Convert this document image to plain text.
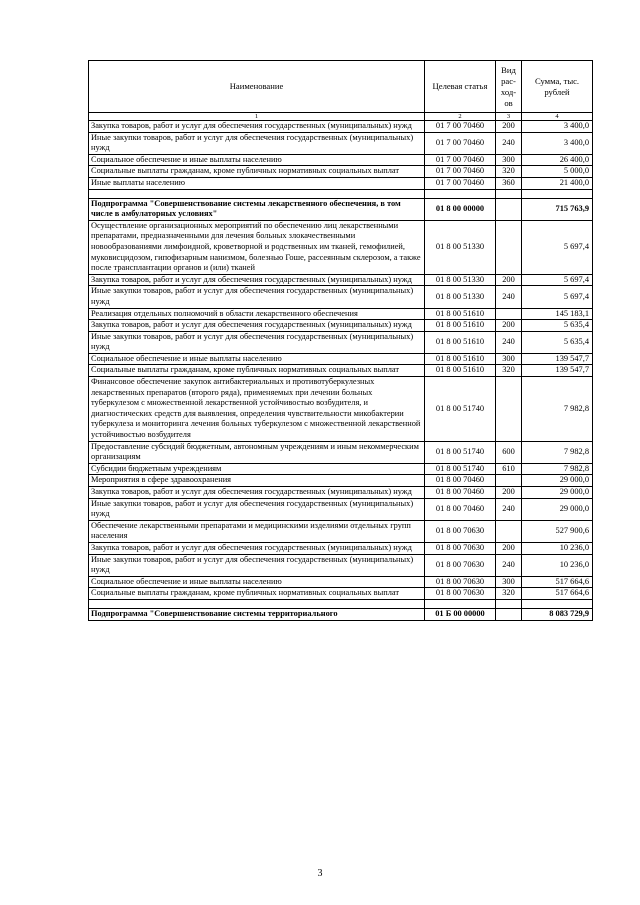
Наименование	Целевая статья	Вид рас-ход-ов	Сумма, тыс. рублей
1	2	3	4
Закупка товаров, работ и услуг для обеспечения государственных (муниципальных) нужд	01 7 00 70460	200	3 400,0
Иные закупки товаров, работ и услуг для обеспечения государственных (муниципальных) нужд	01 7 00 70460	240	3 400,0
Социальное обеспечение и иные выплаты населению	01 7 00 70460	300	26 400,0
Социальные выплаты гражданам, кроме публичных нормативных социальных выплат	01 7 00 70460	320	5 000,0
Иные выплаты населению	01 7 00 70460	360	21 400,0

Подпрограмма "Совершенствование системы лекарственного обеспечения, в том числе в амбулаторных условиях"	01 8 00 00000		715 763,9
Осуществление организационных мероприятий по обеспечению лиц лекарственными препаратами, предназначенными для лечения больных злокачественными новообразованиями лимфоидной, кроветворной и родственных им тканей, гемофилией, муковисцидозом, гипофизарным нанизмом, болезнью Гоше, рассеянным склерозом, а также после трансплантации органов и (или) тканей	01 8 00 51330		5 697,4
Закупка товаров, работ и услуг для обеспечения государственных (муниципальных) нужд	01 8 00 51330	200	5 697,4
Иные закупки товаров, работ и услуг для обеспечения государственных (муниципальных) нужд	01 8 00 51330	240	5 697,4
Реализация отдельных полномочий в области лекарственного обеспечения	01 8 00 51610		145 183,1
Закупка товаров, работ и услуг для обеспечения государственных (муниципальных) нужд	01 8 00 51610	200	5 635,4
Иные закупки товаров, работ и услуг для обеспечения государственных (муниципальных) нужд	01 8 00 51610	240	5 635,4
Социальное обеспечение и иные выплаты населению	01 8 00 51610	300	139 547,7
Социальные выплаты гражданам, кроме публичных нормативных социальных выплат	01 8 00 51610	320	139 547,7
Финансовое обеспечение закупок антибактериальных и противотуберкулезных лекарственных препаратов (второго ряда), применяемых при лечении больных туберкулезом с множественной лекарственной устойчивостью возбудителя, и диагностических средств для выявления, определения чувствительности микобактерии туберкулеза и мониторинга лечения больных туберкулезом с множественной лекарственной устойчивостью возбудителя	01 8 00 51740		7 982,8
Предоставление субсидий бюджетным, автономным учреждениям и иным некоммерческим организациям	01 8 00 51740	600	7 982,8
Субсидии бюджетным учреждениям	01 8 00 51740	610	7 982,8
Мероприятия в сфере здравоохранения	01 8 00 70460		29 000,0
Закупка товаров, работ и услуг для обеспечения государственных (муниципальных) нужд	01 8 00 70460	200	29 000,0
Иные закупки товаров, работ и услуг для обеспечения государственных (муниципальных) нужд	01 8 00 70460	240	29 000,0
Обеспечение лекарственными препаратами и медицинскими изделиями отдельных групп населения	01 8 00 70630		527 900,6
Закупка товаров, работ и услуг для обеспечения государственных (муниципальных) нужд	01 8 00 70630	200	10 236,0
Иные закупки товаров, работ и услуг для обеспечения государственных (муниципальных) нужд	01 8 00 70630	240	10 236,0
Социальное обеспечение и иные выплаты населению	01 8 00 70630	300	517 664,6
Социальные выплаты гражданам, кроме публичных нормативных социальных выплат	01 8 00 70630	320	517 664,6

Подпрограмма "Совершенствование системы территориального	01 Б 00 00000		8 083 729,9
3
